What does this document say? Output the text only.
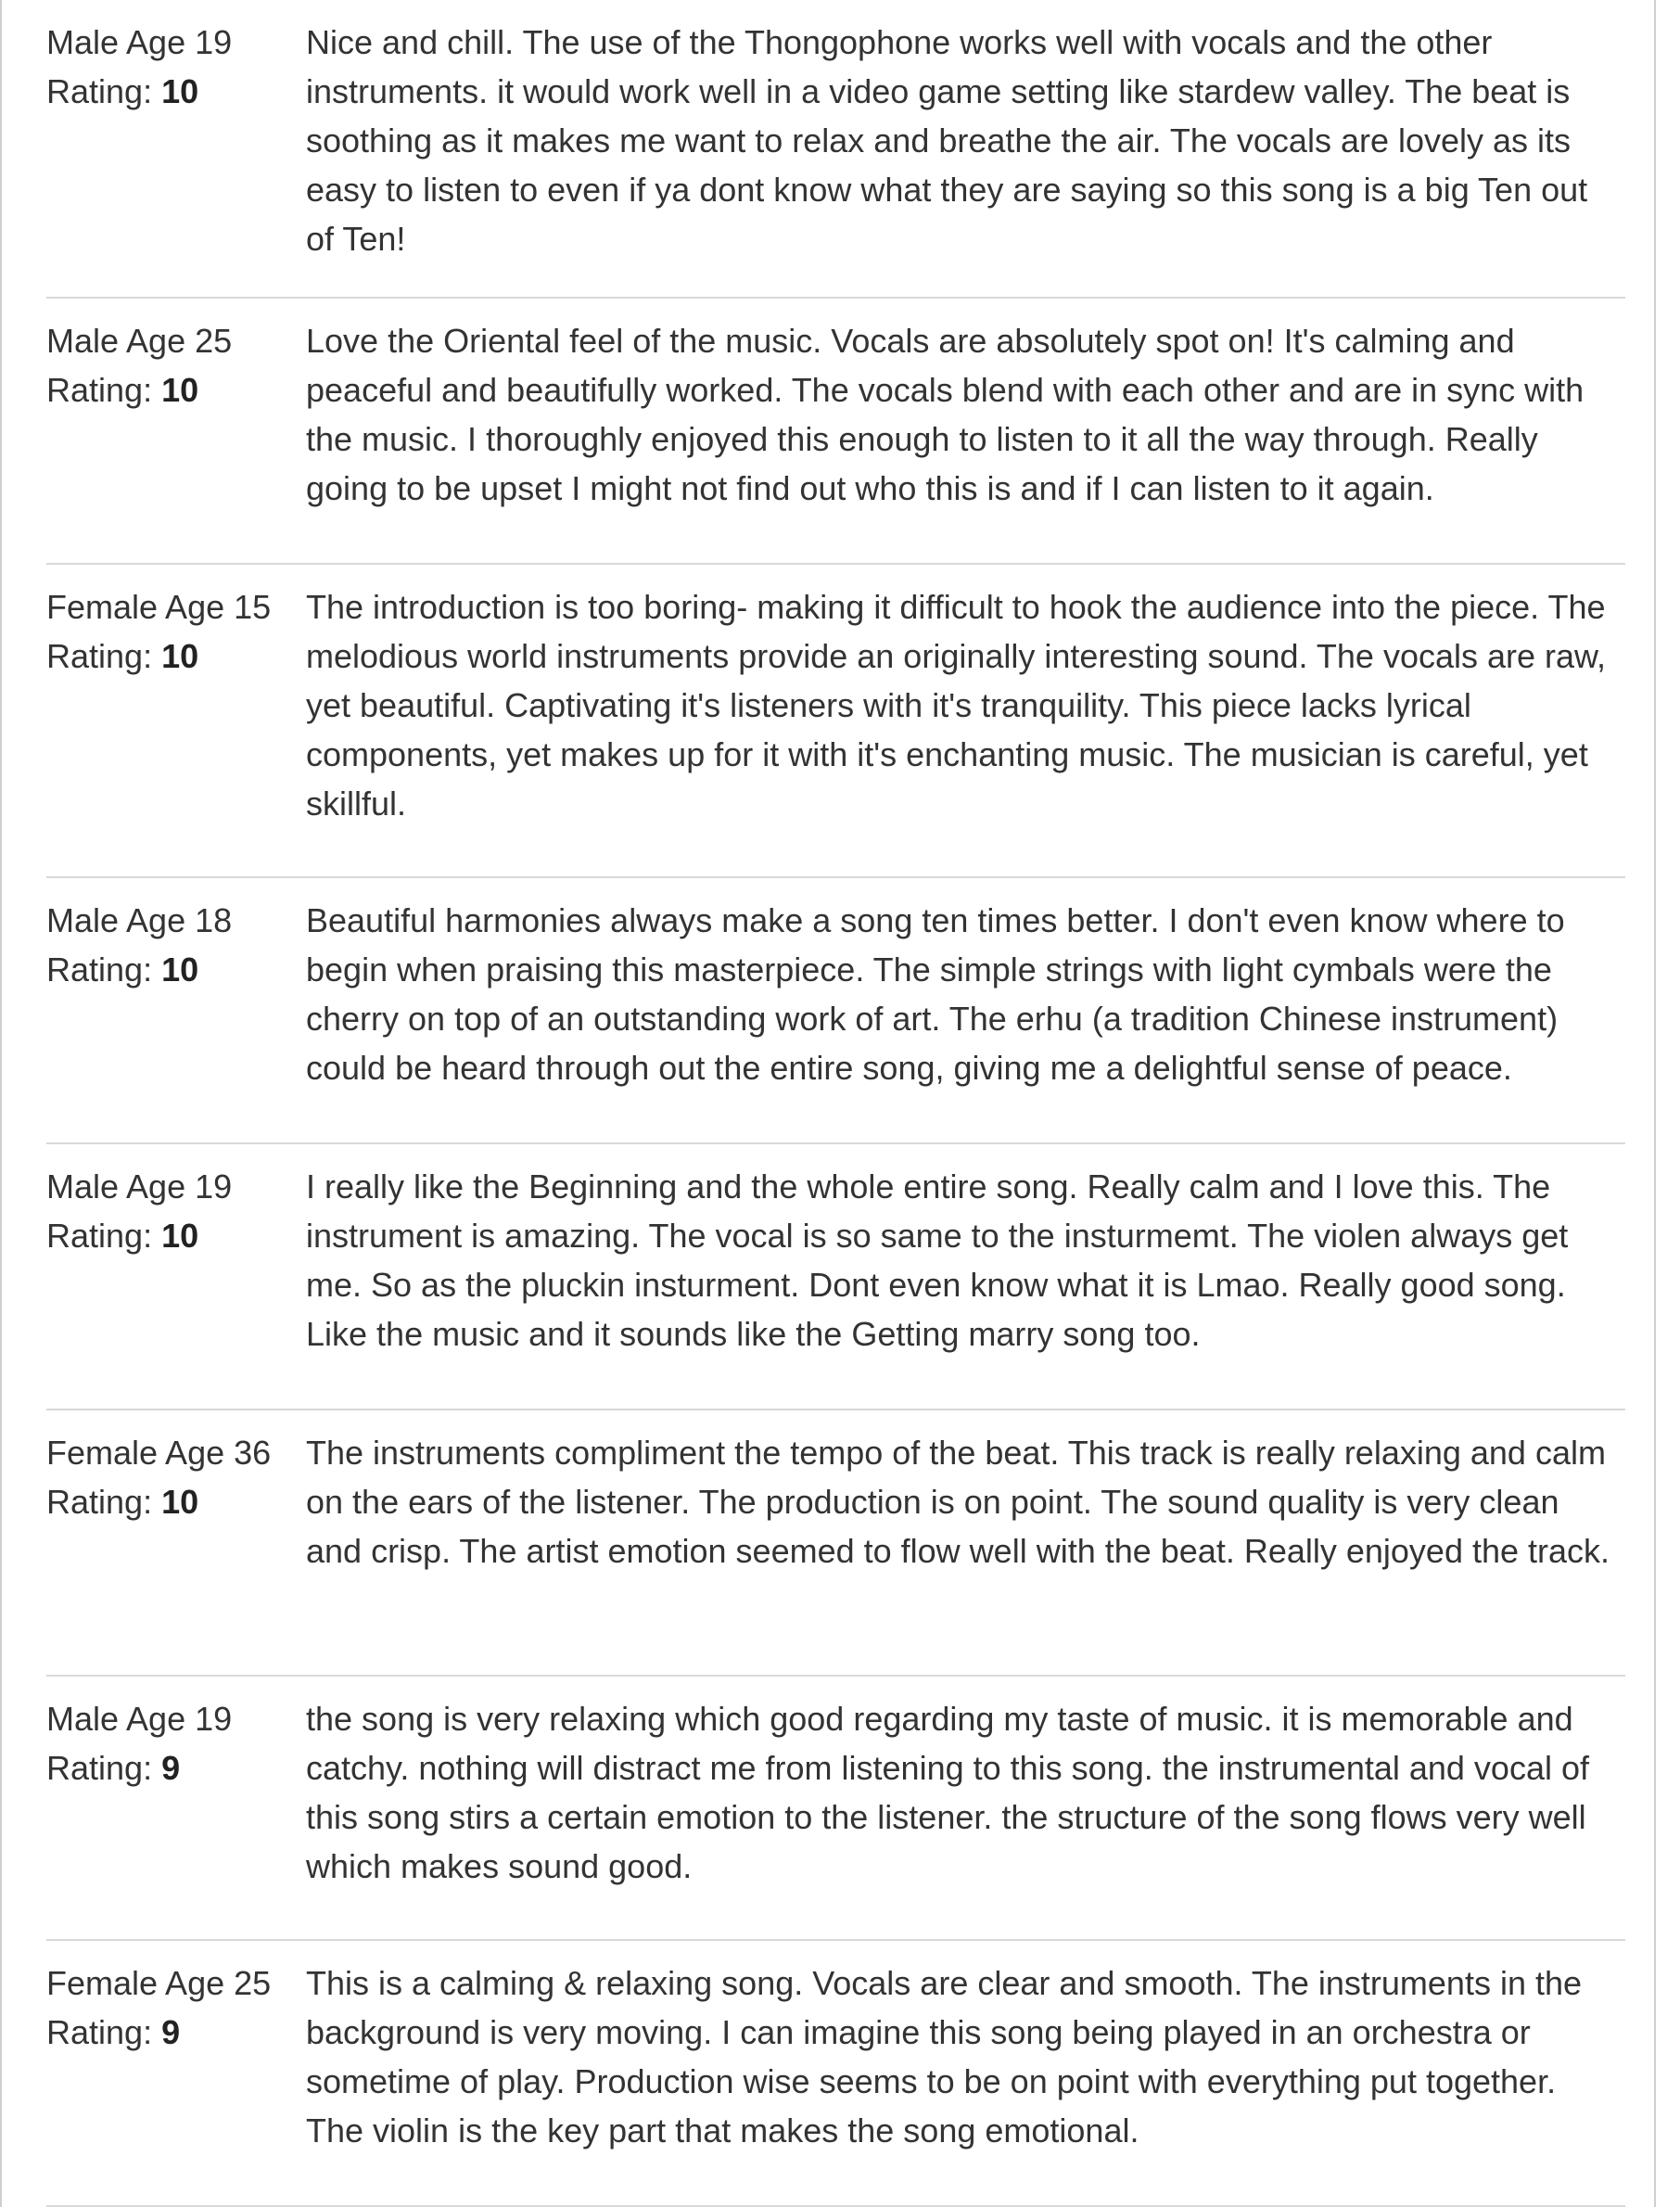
Male Age 19
Rating: 10
Nice and chill. The use of the Thongophone works well with vocals and the other instruments. it would work well in a video game setting like stardew valley. The beat is soothing as it makes me want to relax and breathe the air. The vocals are lovely as its easy to listen to even if ya dont know what they are saying so this song is a big Ten out of Ten!
Male Age 25
Rating: 10
Love the Oriental feel of the music. Vocals are absolutely spot on! It's calming and peaceful and beautifully worked. The vocals blend with each other and are in sync with the music. I thoroughly enjoyed this enough to listen to it all the way through. Really going to be upset I might not find out who this is and if I can listen to it again.
Female Age 15
Rating: 10
The introduction is too boring- making it difficult to hook the audience into the piece. The melodious world instruments provide an originally interesting sound. The vocals are raw, yet beautiful. Captivating it's listeners with it's tranquility. This piece lacks lyrical components, yet makes up for it with it's enchanting music. The musician is careful, yet skillful.
Male Age 18
Rating: 10
Beautiful harmonies always make a song ten times better. I don't even know where to begin when praising this masterpiece. The simple strings with light cymbals were the cherry on top of an outstanding work of art. The erhu (a tradition Chinese instrument) could be heard through out the entire song, giving me a delightful sense of peace.
Male Age 19
Rating: 10
I really like the Beginning and the whole entire song. Really calm and I love this. The instrument is amazing. The vocal is so same to the insturmemt. The violen always get me. So as the pluckin insturment. Dont even know what it is Lmao. Really good song. Like the music and it sounds like the Getting marry song too.
Female Age 36
Rating: 10
The instruments compliment the tempo of the beat. This track is really relaxing and calm on the ears of the listener. The production is on point. The sound quality is very clean and crisp. The artist emotion seemed to flow well with the beat. Really enjoyed the track.
Male Age 19
Rating: 9
the song is very relaxing which good regarding my taste of music. it is memorable and catchy. nothing will distract me from listening to this song. the instrumental and vocal of this song stirs a certain emotion to the listener. the structure of the song flows very well which makes sound good.
Female Age 25
Rating: 9
This is a calming & relaxing song. Vocals are clear and smooth. The instruments in the background is very moving. I can imagine this song being played in an orchestra or sometime of play. Production wise seems to be on point with everything put together. The violin is the key part that makes the song emotional.
